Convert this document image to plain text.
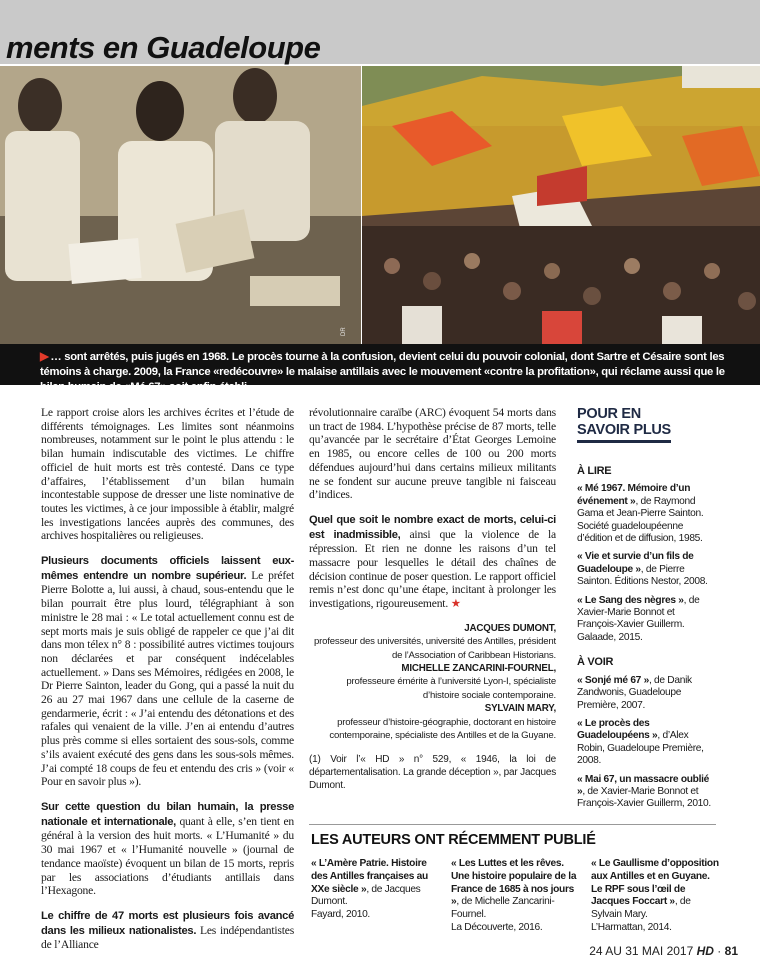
ments en Guadeloupe
DR

▶ … sont arrêtés, puis jugés en 1968. Le procès tourne à la confusion, devient celui du pouvoir colonial, dont Sartre et Césaire sont les témoins à charge. 2009, la France «redécouvre» le malaise antillais avec le mouvement «contre la profitation», qui réclame aussi que le bilan humain de «Mé 67» soit enfin établi.

Le rapport croise alors les archives écrites et l’étude de différents témoignages. Les limites sont néanmoins nombreuses, notamment sur le point le plus attendu : le bilan humain indiscutable des victimes. Le chiffre officiel de huit morts est très contesté. Dans ce type d’affaires, l’établissement d’un bilan humain incontestable suppose de dresser une liste nominative de toutes les victimes, à ce jour impossible à établir, malgré les investigations lancées auprès des communes, des archives hospitalières ou religieuses.

Plusieurs documents officiels laissent eux-mêmes entendre un nombre supérieur. Le préfet Pierre Bolotte a, lui aussi, à chaud, sous-entendu que le bilan pourrait être plus lourd, télégraphiant à son ministre le 28 mai : « Le total actuellement connu est de sept morts mais je suis obligé de rappeler ce que j’ai dit dans mon télex n° 8 : possibilité autres victimes toujours non déclarées et par conséquent indécelables actuellement. » Dans ses Mémoires, rédigées en 2008, le Dr Pierre Sainton, leader du Gong, qui a passé la nuit du 26 au 27 mai 1967 dans une cellule de la caserne de gendarmerie, écrit : « J’ai entendu des détonations et des rafales qui venaient de la ville. J’en ai entendu d’autres plus près comme si elles sortaient des sous-sols, comme s’ils avaient exécuté des gens dans les sous-sols mêmes. J’ai compté 18 coups de feu et entendu des cris » (voir « Pour en savoir plus »).

Sur cette question du bilan humain, la presse nationale et internationale, quant à elle, s’en tient en général à la version des huit morts. « L’Humanité » du 30 mai 1967 et « l’Humanité nouvelle » (journal de tendance maoïste) évoquent un bilan de 15 morts, repris par les associations d’étudiants antillais dans l’Hexagone.

Le chiffre de 47 morts est plusieurs fois avancé dans les milieux nationalistes. Les indépendantistes de l’Alliance

révolutionnaire caraïbe (ARC) évoquent 54 morts dans un tract de 1984. L’hypothèse précise de 87 morts, telle qu’avancée par le secrétaire d’État Georges Lemoine en 1985, ou encore celles de 100 ou 200 morts défendues aujourd’hui dans certains milieux militants ne se fondent sur aucune preuve tangible ni faisceau d’indices.

Quel que soit le nombre exact de morts, celui-ci est inadmissible, ainsi que la violence de la répression. Et rien ne donne les raisons d’un tel massacre pour lesquelles le détail des chaînes de décision continue de poser question. Le rapport officiel remis n’est donc qu’une étape, incitant à prolonger les investigations, rigoureusement. ★

JACQUES DUMONT,
professeur des universités, université des Antilles, président de l’Association of Caribbean Historians.
MICHELLE ZANCARINI-FOURNEL,
professeure émérite à l’université Lyon-I, spécialiste d’histoire sociale contemporaine.
SYLVAIN MARY,
professeur d’histoire-géographie, doctorant en histoire contemporaine, spécialiste des Antilles et de la Guyane.
(1) Voir l’« HD » n° 529, « 1946, la loi de départementalisation. La grande déception », par Jacques Dumont.
POUR EN
SAVOIR PLUS
À LIRE
« Mé 1967. Mémoire d’un événement », de Raymond Gama et Jean-Pierre Sainton. Société guadeloupéenne d’édition et de diffusion, 1985.
« Vie et survie d’un fils de Guadeloupe », de Pierre Sainton. Éditions Nestor, 2008.
« Le Sang des nègres », de Xavier-Marie Bonnot et François-Xavier Guillerm. Galaade, 2015.
À VOIR
« Sonjé mé 67 », de Danik Zandwonis, Guadeloupe Première, 2007.
« Le procès des Guadeloupéens », d’Alex Robin, Guadeloupe Première, 2008.
« Mai 67, un massacre oublié », de Xavier-Marie Bonnot et François-Xavier Guillerm, 2010.
LES AUTEURS ONT RÉCEMMENT PUBLIÉ
« L’Amère Patrie. Histoire des Antilles françaises au XXe siècle », de Jacques Dumont.
Fayard, 2010.
« Les Luttes et les rêves. Une histoire populaire de la France de 1685 à nos jours », de Michelle Zancarini-Fournel.
La Découverte, 2016.
« Le Gaullisme d’opposition aux Antilles et en Guyane. Le RPF sous l’œil de Jacques Foccart », de Sylvain Mary.
L’Harmattan, 2014.
24 AU 31 MAI 2017 HD · 81
